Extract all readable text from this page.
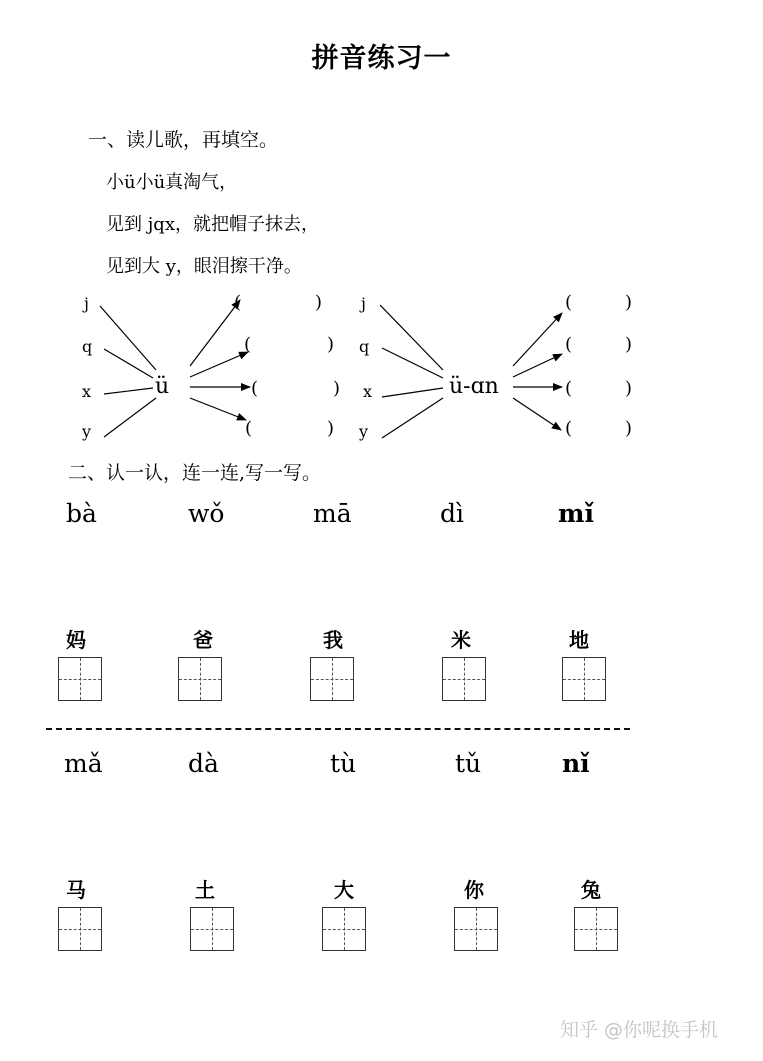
拼音练习一
一、读儿歌，再填空。
小ü小ü真淘气，
见到 jqx，就把帽子抹去，
见到大 y，眼泪擦干净。
j
q
x
y
ü
(	)
(	)
(	)
(	)
j
q
x
y
ü-ɑn
(	)
(	)
(	)
(	)
二、认一认，连一连,写一写。
bà	wǒ	mā	dì	mǐ
妈	爸	我	米	地
mǎ	dà	tù	tǔ	nǐ
马	土	大	你	兔
知乎 @你呢换手机
